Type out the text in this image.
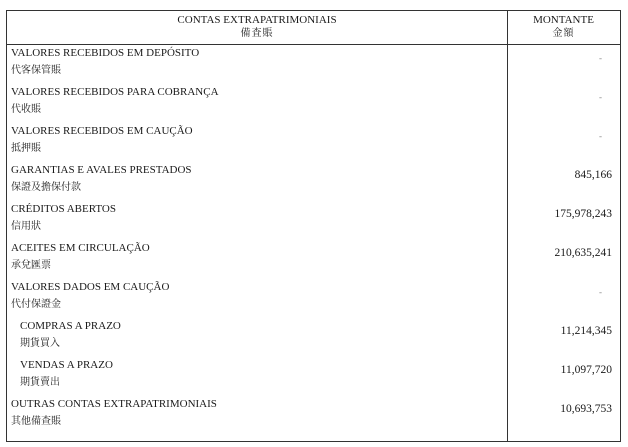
CONTAS EXTRAPATRIMONIAIS
備査賬
MONTANTE
金額
VALORES RECEBIDOS EM DEPÓSITO
代客保管賬
-
VALORES RECEBIDOS PARA COBRANÇA
代收賬
-
VALORES RECEBIDOS EM CAUÇÃO
抵押賬
-
GARANTIAS E AVALES PRESTADOS
保證及擔保付款
845,166
CRÉDITOS ABERTOS
信用狀
175,978,243
ACEITES EM CIRCULAÇÃO
承兌匯票
210,635,241
VALORES DADOS EM CAUÇÃO
代付保證金
-
COMPRAS A PRAZO
期貨買入
11,214,345
VENDAS A PRAZO
期貨賣出
11,097,720
OUTRAS CONTAS EXTRAPATRIMONIAIS
其他備查賬
10,693,753
